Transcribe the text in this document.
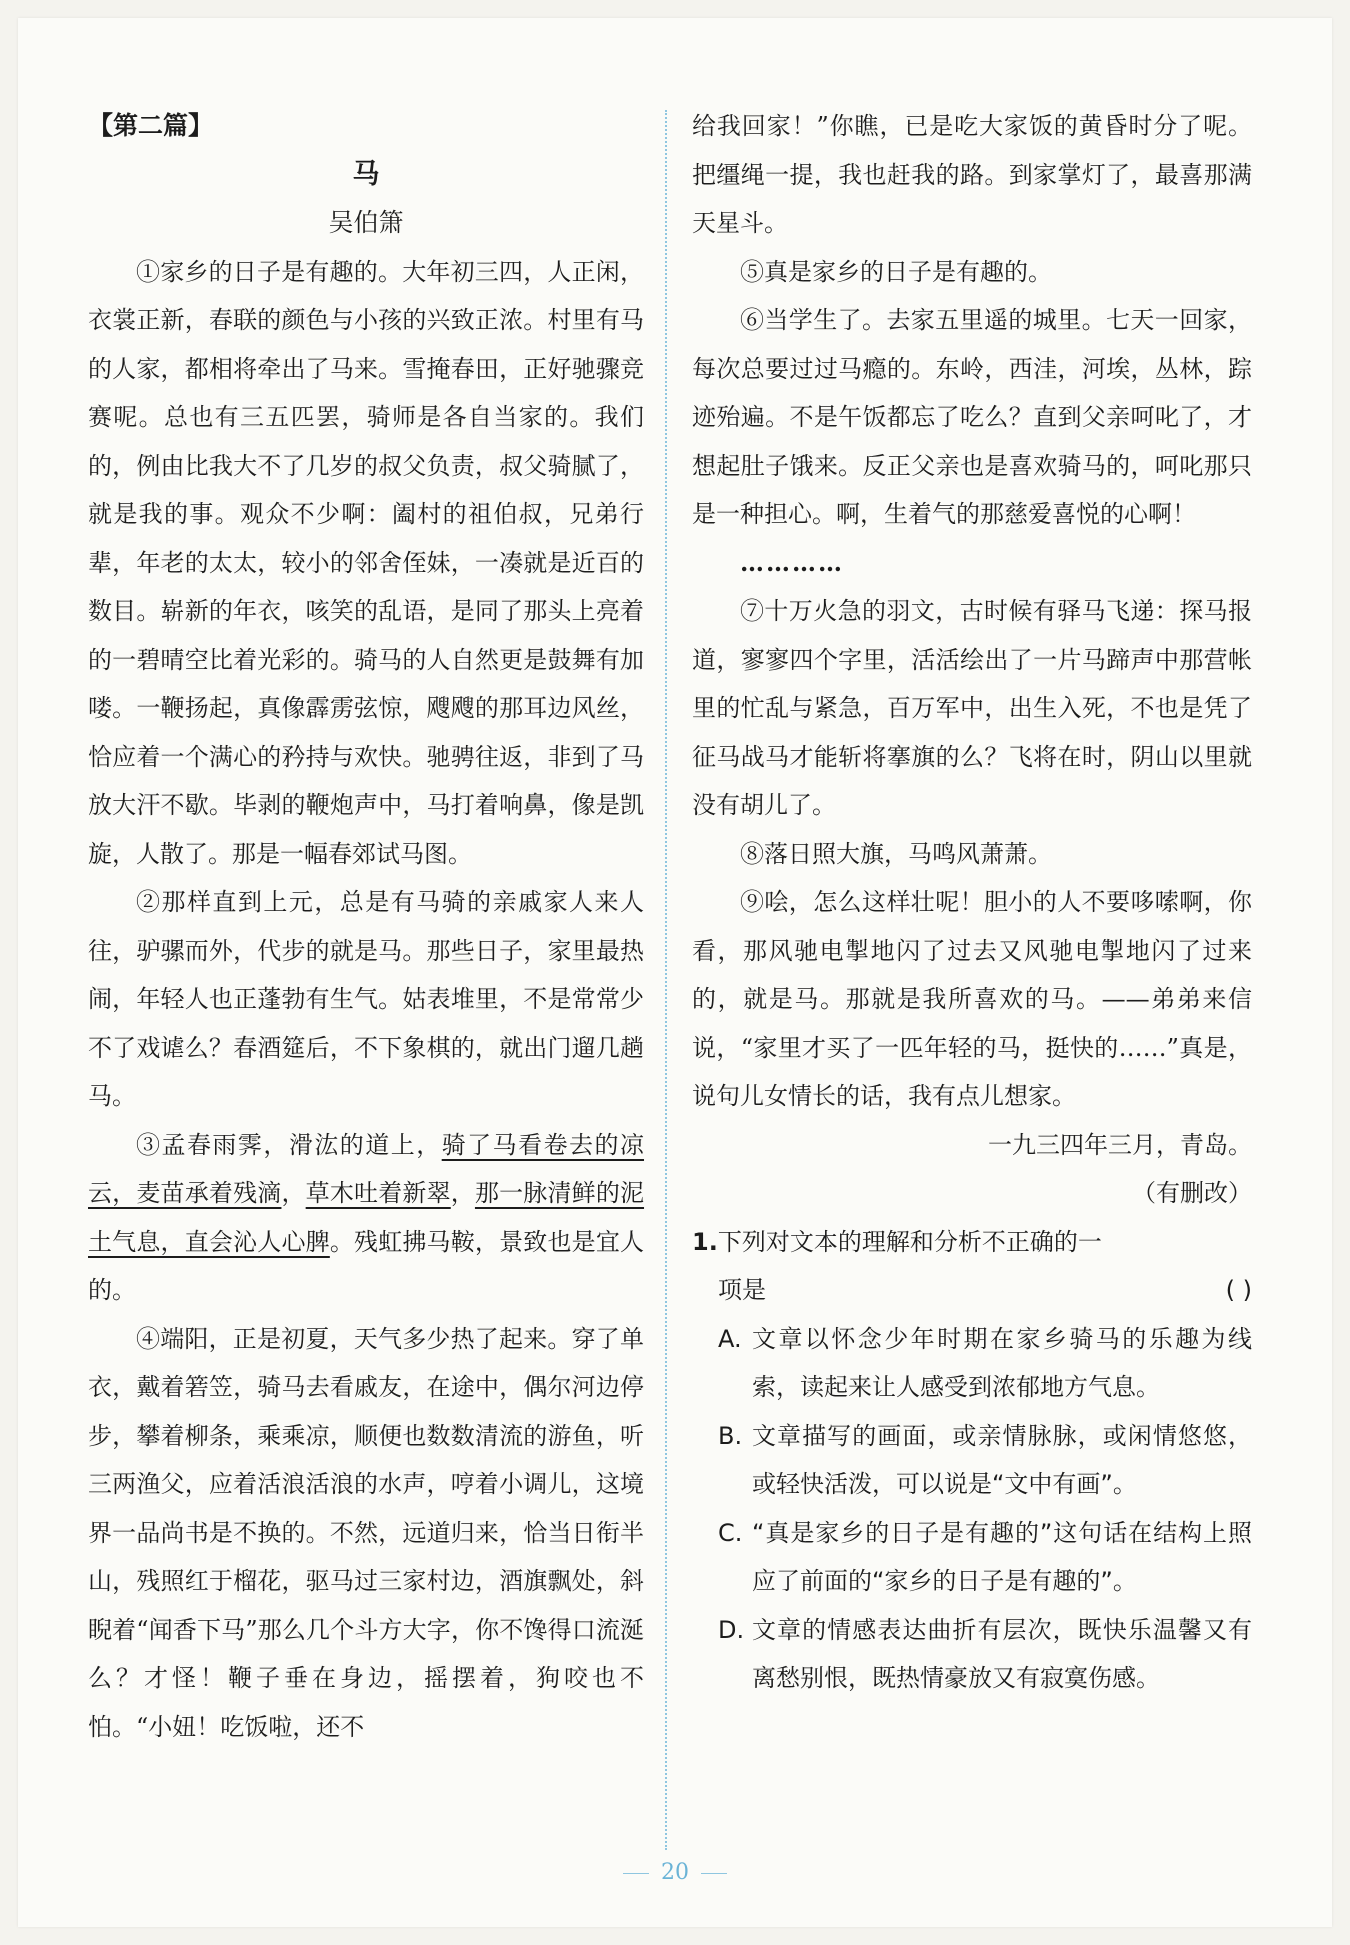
【第二篇】

马

吴伯箫

①家乡的日子是有趣的。大年初三四，人正闲，衣裳正新，春联的颜色与小孩的兴致正浓。村里有马的人家，都相将牵出了马来。雪掩春田，正好驰骤竞赛呢。总也有三五匹罢，骑师是各自当家的。我们的，例由比我大不了几岁的叔父负责，叔父骑腻了，就是我的事。观众不少啊：阖村的祖伯叔，兄弟行辈，年老的太太，较小的邻舍侄妹，一凑就是近百的数目。崭新的年衣，咳笑的乱语，是同了那头上亮着的一碧晴空比着光彩的。骑马的人自然更是鼓舞有加喽。一鞭扬起，真像霹雳弦惊，飕飕的那耳边风丝，恰应着一个满心的矜持与欢快。驰骋往返，非到了马放大汗不歇。毕剥的鞭炮声中，马打着响鼻，像是凯旋，人散了。那是一幅春郊试马图。

②那样直到上元，总是有马骑的亲戚家人来人往，驴骡而外，代步的就是马。那些日子，家里最热闹，年轻人也正蓬勃有生气。姑表堆里，不是常常少不了戏谑么？春酒筵后，不下象棋的，就出门遛几趟马。

③孟春雨霁，滑汯的道上，骑了马看卷去的凉云，麦苗承着残滴，草木吐着新翠，那一脉清鲜的泥土气息，直会沁人心脾。残虹拂马鞍，景致也是宜人的。

④端阳，正是初夏，天气多少热了起来。穿了单衣，戴着箬笠，骑马去看戚友，在途中，偶尔河边停步，攀着柳条，乘乘凉，顺便也数数清流的游鱼，听三两渔父，应着活浪活浪的水声，哼着小调儿，这境界一品尚书是不换的。不然，远道归来，恰当日衔半山，残照红于榴花，驱马过三家村边，酒旗飘处，斜睨着“闻香下马”那么几个斗方大字，你不馋得口流涎么？才怪！鞭子垂在身边，摇摆着，狗咬也不怕。“小妞！吃饭啦，还不

给我回家！”你瞧，已是吃大家饭的黄昏时分了呢。把缰绳一提，我也赶我的路。到家掌灯了，最喜那满天星斗。

⑤真是家乡的日子是有趣的。

⑥当学生了。去家五里遥的城里。七天一回家，每次总要过过马瘾的。东岭，西洼，河埃，丛林，踪迹殆遍。不是午饭都忘了吃么？直到父亲呵叱了，才想起肚子饿来。反正父亲也是喜欢骑马的，呵叱那只是一种担心。啊，生着气的那慈爱喜悦的心啊！

…………

⑦十万火急的羽文，古时候有驿马飞递：探马报道，寥寥四个字里，活活绘出了一片马蹄声中那营帐里的忙乱与紧急，百万军中，出生入死，不也是凭了征马战马才能斩将搴旗的么？飞将在时，阴山以里就没有胡儿了。

⑧落日照大旗，马鸣风萧萧。

⑨哙，怎么这样壮呢！胆小的人不要哆嗦啊，你看，那风驰电掣地闪了过去又风驰电掣地闪了过来的，就是马。那就是我所喜欢的马。——弟弟来信说，“家里才买了一匹年轻的马，挺快的……”真是，说句儿女情长的话，我有点儿想家。

一九三四年三月，青岛。

（有删改）

1.下列对文本的理解和分析不正确的一
项是	( )
A. 文章以怀念少年时期在家乡骑马的乐趣为线索，读起来让人感受到浓郁地方气息。
B. 文章描写的画面，或亲情脉脉，或闲情悠悠，或轻快活泼，可以说是“文中有画”。
C. “真是家乡的日子是有趣的”这句话在结构上照应了前面的“家乡的日子是有趣的”。
D. 文章的情感表达曲折有层次，既快乐温馨又有离愁别恨，既热情豪放又有寂寞伤感。
20
